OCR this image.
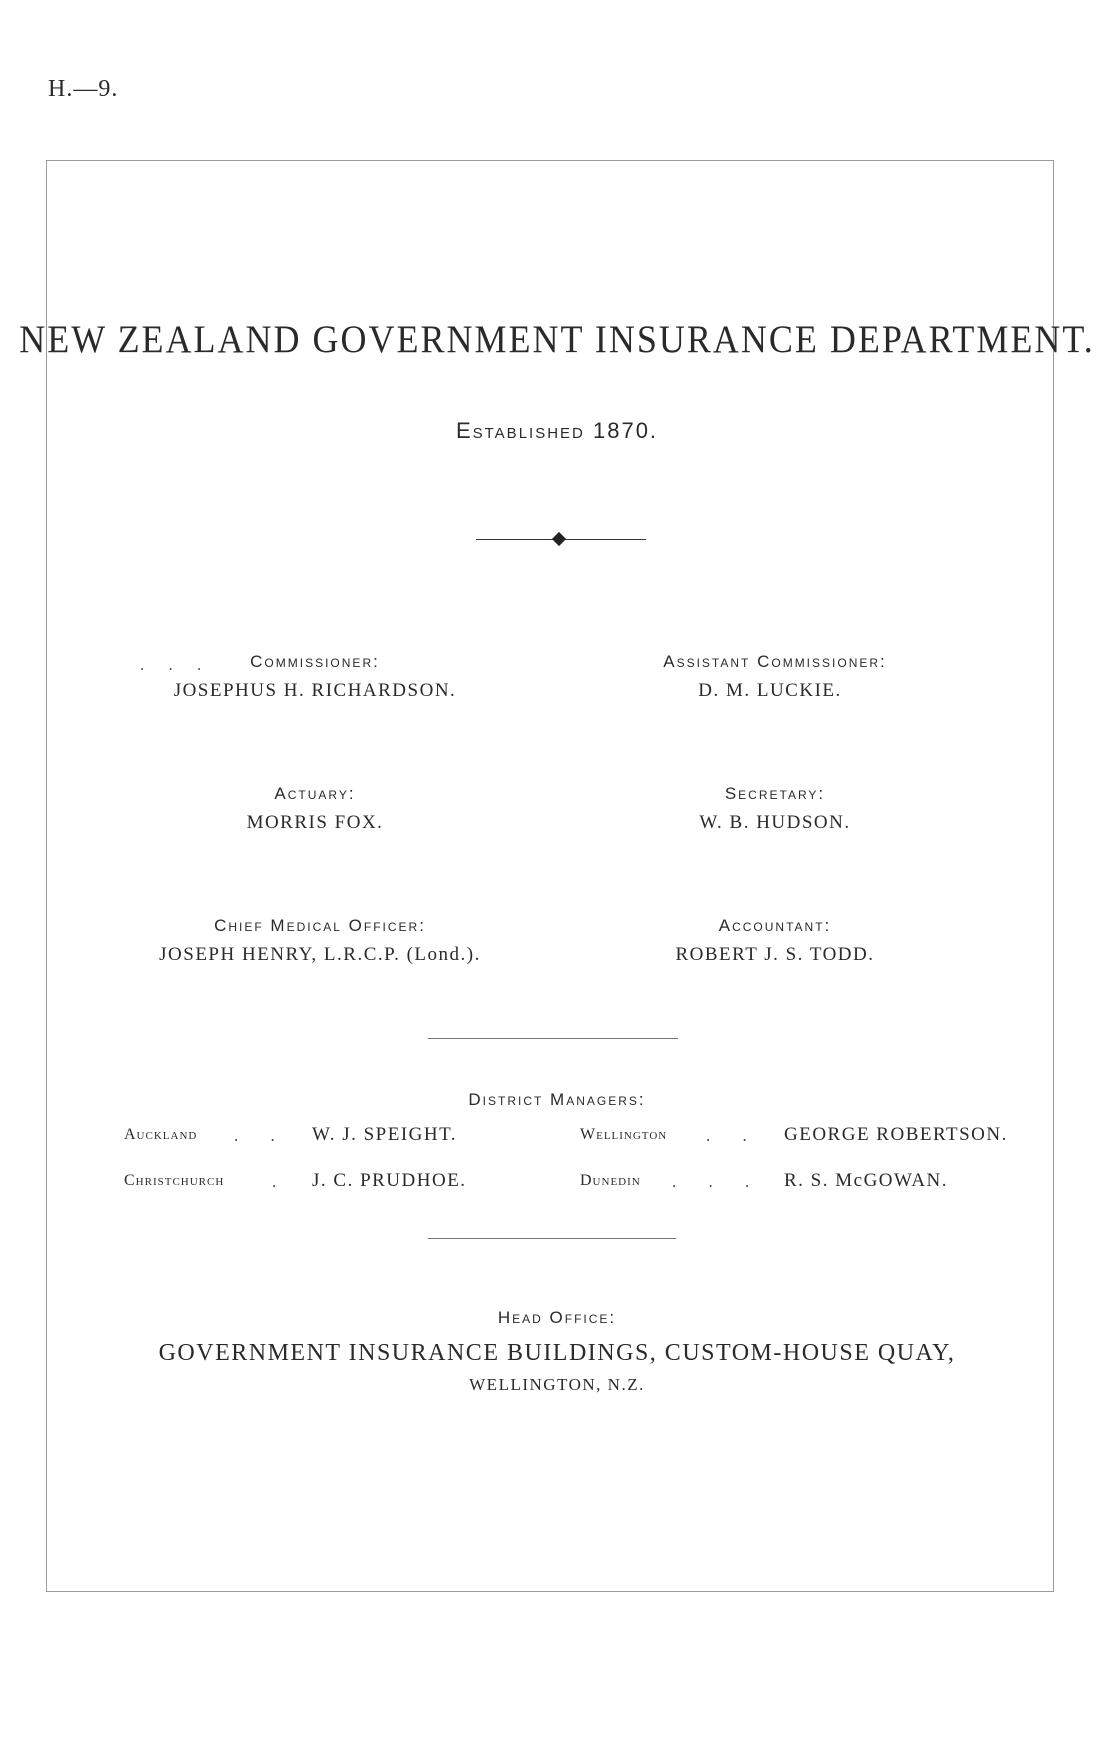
H.—9.
NEW ZEALAND GOVERNMENT INSURANCE DEPARTMENT.
Established 1870.
. . .	Commissioner:
JOSEPHUS H. RICHARDSON.
Assistant Commissioner:
D. M. LUCKIE.
Actuary:
MORRIS FOX.
Secretary:
W. B. HUDSON.
Chief Medical Officer:
JOSEPH HENRY, L.R.C.P. (Lond.).
Accountant:
ROBERT J. S. TODD.
District Managers:
Auckland . . W. J. SPEIGHT.	Wellington . . GEORGE ROBERTSON.
Christchurch	. J. C. PRUDHOE.	Dunedin . . . R. S. McGOWAN.
Head Office:
GOVERNMENT INSURANCE BUILDINGS, CUSTOM-HOUSE QUAY,
WELLINGTON, N.Z.
